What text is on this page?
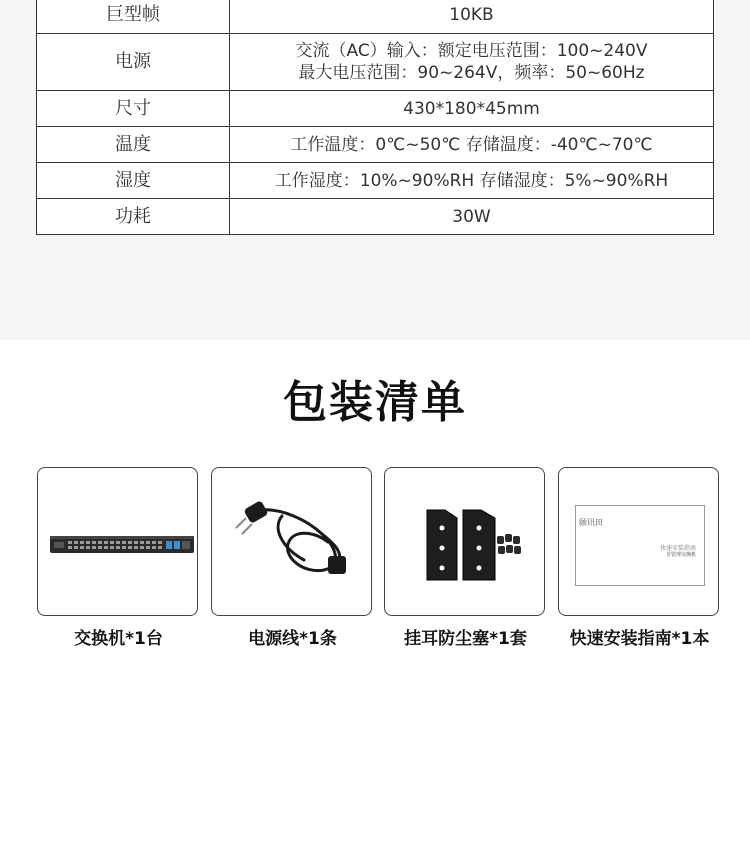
巨型帧	10KB
电源	交流（AC）输入：额定电压范围：100~240V
最大电压范围：90~264V，频率：50~60Hz

尺寸	430*180*45mm
温度	工作温度：0℃~50℃ 存储温度：-40℃~70℃
湿度	工作湿度：10%~90%RH 存储湿度：5%~90%RH
功耗	30W
包装清单
交换机*1台	电源线*1条	挂耳防尘塞*1套
颐讯田
快速安装指南
非管理交换机
快速安装指南*1本
